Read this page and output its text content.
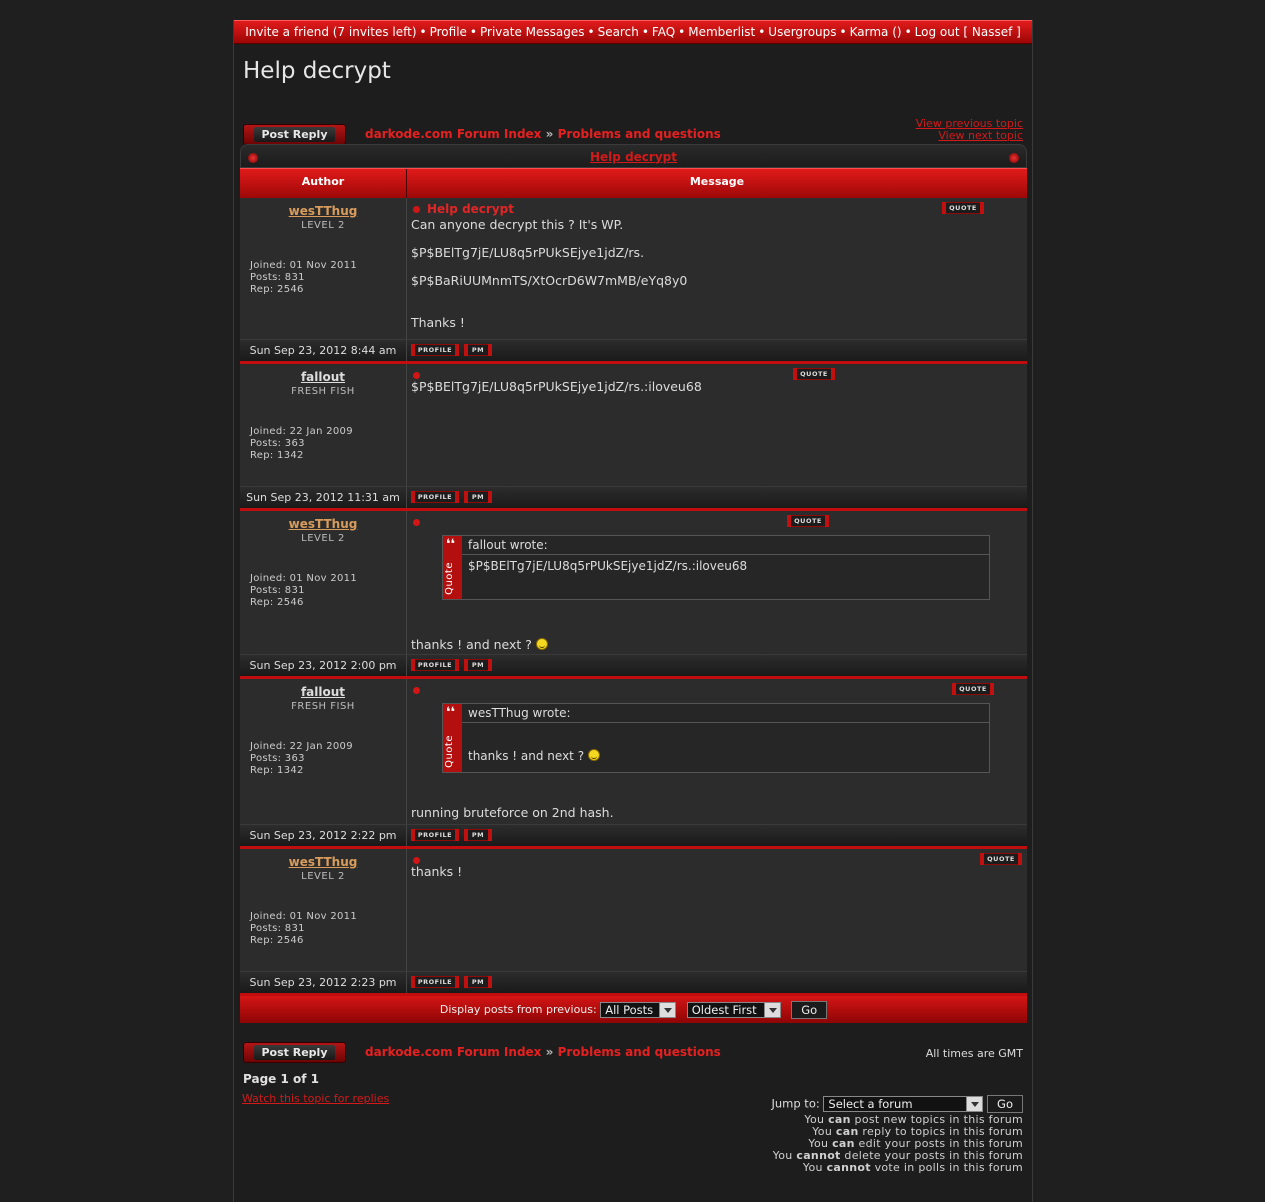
Invite a friend (7 invites left) • Profile • Private Messages • Search • FAQ • Memberlist • Usergroups • Karma () • Log out [ Nassef ]
Help decrypt
Post Reply	darkode.com Forum Index » Problems and questions
View previous topic
View next topic
Help decrypt
Author	Message
wesTThug
LEVEL 2
Joined: 01 Nov 2011
Posts: 831
Rep: 2546
Help decrypt	QUOTE

Can anyone decrypt this ? It's WP.

$P$BElTg7jE/LU8q5rPUkSEjye1jdZ/rs.

$P$BaRiUUMnmTS/XtOcrD6W7mMB/eYq8y0

Thanks !

Sun Sep 23, 2012 8:44 am	PROFILE	PM
fallout
FRESH FISH
Joined: 22 Jan 2009
Posts: 363
Rep: 1342
QUOTE

$P$BElTg7jE/LU8q5rPUkSEjye1jdZ/rs.:iloveu68

Sun Sep 23, 2012 11:31 am	PROFILE	PM
wesTThug
LEVEL 2
Joined: 01 Nov 2011
Posts: 831
Rep: 2546
QUOTE
❛❛
Quote
fallout wrote:
$P$BElTg7jE/LU8q5rPUkSEjye1jdZ/rs.:iloveu68
thanks ! and next ?
Sun Sep 23, 2012 2:00 pm	PROFILE	PM
fallout
FRESH FISH
Joined: 22 Jan 2009
Posts: 363
Rep: 1342
QUOTE
❛❛
Quote
wesTThug wrote:
thanks ! and next ?
running bruteforce on 2nd hash.
Sun Sep 23, 2012 2:22 pm	PROFILE	PM
wesTThug
LEVEL 2
Joined: 01 Nov 2011
Posts: 831
Rep: 2546
QUOTE
thanks !
Sun Sep 23, 2012 2:23 pm	PROFILE	PM
Display posts from previous: All Posts	Oldest First	Go
Post Reply	darkode.com Forum Index » Problems and questions	All times are GMT
Page 1 of 1
Watch this topic for replies	Jump to: Select a forum	Go
You can post new topics in this forum
You can reply to topics in this forum
You can edit your posts in this forum
You cannot delete your posts in this forum
You cannot vote in polls in this forum
